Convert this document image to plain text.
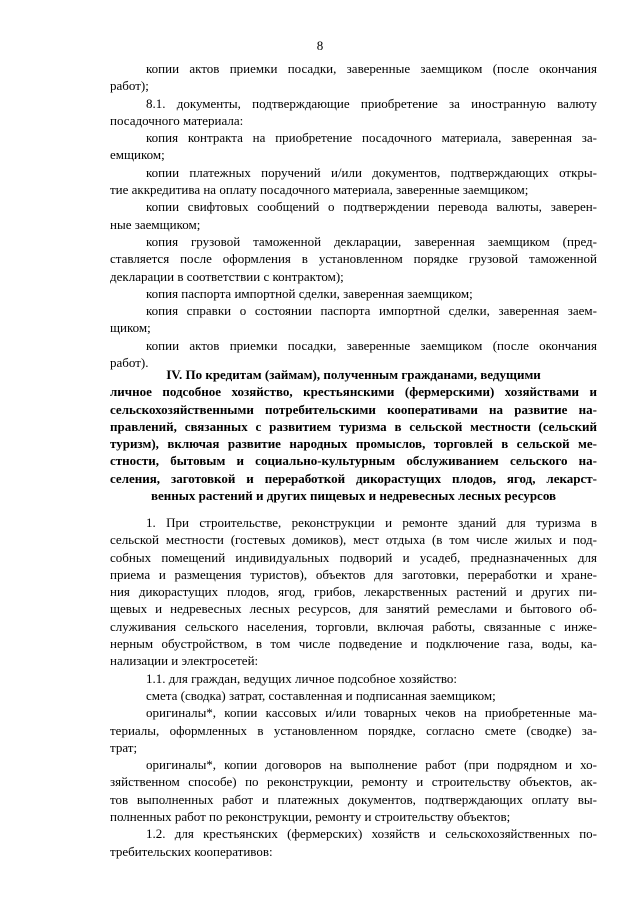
8

копии актов приемки посадки, заверенные заемщиком (после окончания

работ);

8.1. документы, подтверждающие приобретение за иностранную валюту

посадочного материала:

копия контракта на приобретение посадочного материала, заверенная за-

емщиком;

копии платежных поручений и/или документов, подтверждающих откры-

тие аккредитива на оплату посадочного материала, заверенные заемщиком;

копии свифтовых сообщений о подтверждении перевода валюты, заверен-

ные заемщиком;

копия грузовой таможенной декларации, заверенная заемщиком (пред-

ставляется после оформления в установленном порядке грузовой таможенной

декларации в соответствии с контрактом);

копия паспорта импортной сделки, заверенная заемщиком;

копия справки о состоянии паспорта импортной сделки, заверенная заем-

щиком;

копии актов приемки посадки, заверенные заемщиком (после окончания

работ).

IV. По кредитам (займам), полученным гражданами, ведущими

личное подсобное хозяйство, крестьянскими (фермерскими) хозяйствами и

сельскохозяйственными потребительскими кооперативами на развитие на-

правлений, связанных с развитием туризма в сельской местности (сельский

туризм), включая развитие народных промыслов, торговлей в сельской ме-

стности, бытовым и социально-культурным обслуживанием сельского на-

селения, заготовкой и переработкой дикорастущих плодов, ягод, лекарст-

венных растений и других пищевых и недревесных лесных ресурсов

1. При строительстве, реконструкции и ремонте зданий для туризма в

сельской местности (гостевых домиков), мест отдыха (в том числе жилых и под-

собных помещений индивидуальных подворий и усадеб, предназначенных для

приема и размещения туристов), объектов для заготовки, переработки и хране-

ния дикорастущих плодов, ягод, грибов, лекарственных растений и других пи-

щевых и недревесных лесных ресурсов, для занятий ремеслами и бытового об-

служивания сельского населения, торговли, включая работы, связанные с инже-

нерным обустройством, в том числе подведение и подключение газа, воды, ка-

нализации и электросетей:

1.1. для граждан, ведущих личное подсобное хозяйство:

смета (сводка) затрат, составленная и подписанная заемщиком;

оригиналы*, копии кассовых и/или товарных чеков на приобретенные ма-

териалы, оформленных в установленном порядке, согласно смете (сводке) за-

трат;

оригиналы*, копии договоров на выполнение работ (при подрядном и хо-

зяйственном способе) по реконструкции, ремонту и строительству объектов, ак-

тов выполненных работ и платежных документов, подтверждающих оплату вы-

полненных работ по реконструкции, ремонту и строительству объектов;

1.2. для крестьянских (фермерских) хозяйств и сельскохозяйственных по-

требительских кооперативов:
